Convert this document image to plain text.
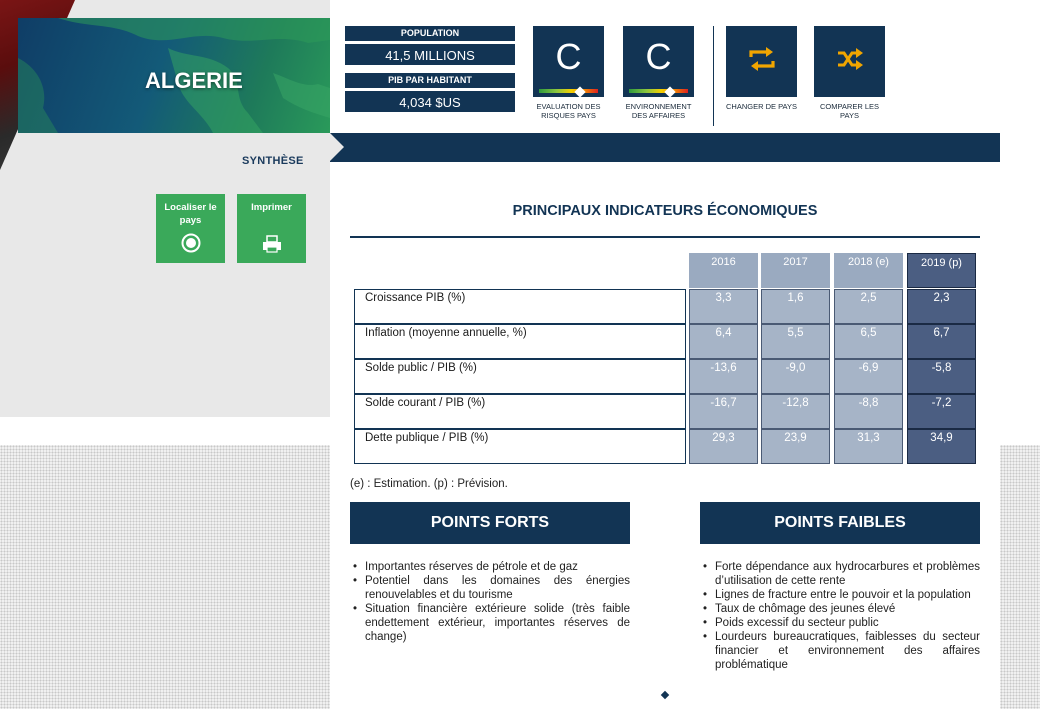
ALGERIE
SYNTHÈSE
Localiser le pays
Imprimer
POPULATION
41,5 MILLIONS
PIB PAR HABITANT
4,034 $US
C
EVALUATION DES RISQUES PAYS
C
ENVIRONNEMENT DES AFFAIRES
CHANGER DE PAYS	COMPARER LES PAYS
PRINCIPAUX INDICATEURS ÉCONOMIQUES
2016	2017	2018 (e)	2019 (p)
Croissance PIB (%)	3,3	1,6	2,5	2,3
Inflation (moyenne annuelle, %)	6,4	5,5	6,5	6,7
Solde public / PIB (%)	-13,6	-9,0	-6,9	-5,8
Solde courant / PIB (%)	-16,7	-12,8	-8,8	-7,2
Dette publique / PIB (%)	29,3	23,9	31,3	34,9
(e) : Estimation. (p) : Prévision.
POINTS FORTS	POINTS FAIBLES
• Importantes réserves de pétrole et de gaz
• Potentiel dans les domaines des énergies renouvelables et du tourisme
• Situation financière extérieure solide (très faible endettement extérieur, importantes réserves de change)
• Forte dépendance aux hydrocarbures et problèmes d’utilisation de cette rente
• Lignes de fracture entre le pouvoir et la population
• Taux de chômage des jeunes élevé
• Poids excessif du secteur public
• Lourdeurs bureaucratiques, faiblesses du secteur financier et environnement des affaires problématique
